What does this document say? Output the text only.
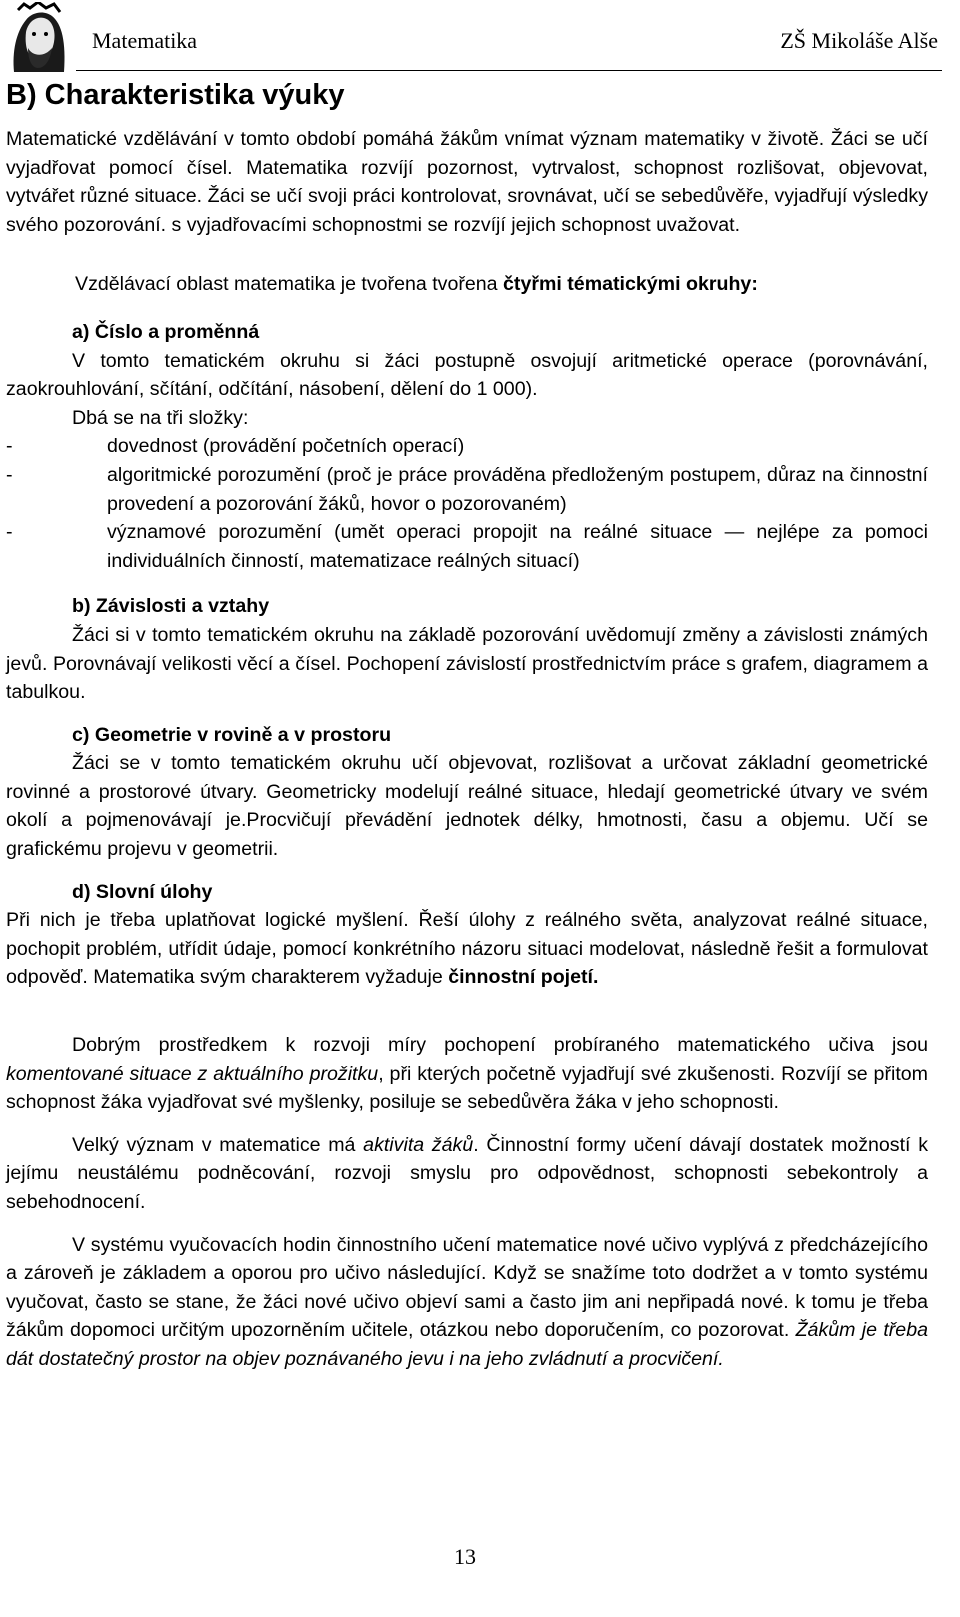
Matematika	ZŠ Mikoláše Alše
B) Charakteristika výuky

Matematické vzdělávání v tomto období pomáhá žákům vnímat význam matematiky v životě. Žáci se učí vyjadřovat pomocí čísel. Matematika rozvíjí pozornost, vytrvalost, schopnost rozlišovat, objevovat, vytvářet různé situace. Žáci se učí svoji práci kontrolovat, srovnávat, učí se sebedůvěře, vyjadřují výsledky svého pozorování. s vyjadřovacími schopnostmi se rozvíjí jejich schopnost uvažovat.

Vzdělávací oblast matematika je tvořena tvořena čtyřmi tématickými okruhy:

a) Číslo a proměnná

V tomto tematickém okruhu si žáci postupně osvojují aritmetické operace (porovnávání, zaokrouhlování, sčítání, odčítání, násobení, dělení do 1 000).

Dbá se na tři složky:

-	dovednost (provádění početních operací)
-	algoritmické porozumění (proč je práce prováděna předloženým postupem, důraz na činnostní provedení a pozorování žáků, hovor o pozorovaném)
-	významové porozumění (umět operaci propojit na reálné situace — nejlépe za pomoci individuálních činností, matematizace reálných situací)
b) Závislosti a vztahy

Žáci si v tomto tematickém okruhu na základě pozorování uvědomují změny a závislosti známých jevů. Porovnávají velikosti věcí a čísel. Pochopení závislostí prostřednictvím práce s grafem, diagramem a tabulkou.

c) Geometrie v rovině a v prostoru

Žáci se v tomto tematickém okruhu učí objevovat, rozlišovat a určovat základní geometrické rovinné a prostorové útvary. Geometricky modelují reálné situace, hledají geometrické útvary ve svém okolí a pojmenovávají je.Procvičují převádění jednotek délky, hmotnosti, času a objemu. Učí se grafickému projevu v geometrii.

d) Slovní úlohy

Při nich je třeba uplatňovat logické myšlení. Řeší úlohy z reálného světa, analyzovat reálné situace, pochopit problém, utřídit údaje, pomocí konkrétního názoru situaci modelovat, následně řešit a formulovat odpověď. Matematika svým charakterem vyžaduje činnostní pojetí.

Dobrým prostředkem k rozvoji míry pochopení probíraného matematického učiva jsou komentované situace z aktuálního prožitku, při kterých početně vyjadřují své zkušenosti. Rozvíjí se přitom schopnost žáka vyjadřovat své myšlenky, posiluje se sebedůvěra žáka v jeho schopnosti.

Velký význam v matematice má aktivita žáků. Činnostní formy učení dávají dostatek možností k jejímu neustálému podněcování, rozvoji smyslu pro odpovědnost, schopnosti sebekontroly a sebehodnocení.

V systému vyučovacích hodin činnostního učení matematice nové učivo vyplývá z předcházejícího a zároveň je základem a oporou pro učivo následující. Když se snažíme toto dodržet a v tomto systému vyučovat, často se stane, že žáci nové učivo objeví sami a často jim ani nepřipadá nové. k tomu je třeba žákům dopomoci určitým upozorněním učitele, otázkou nebo doporučením, co pozorovat. Žákům je třeba dát dostatečný prostor na objev poznávaného jevu i na jeho zvládnutí a procvičení.

13
